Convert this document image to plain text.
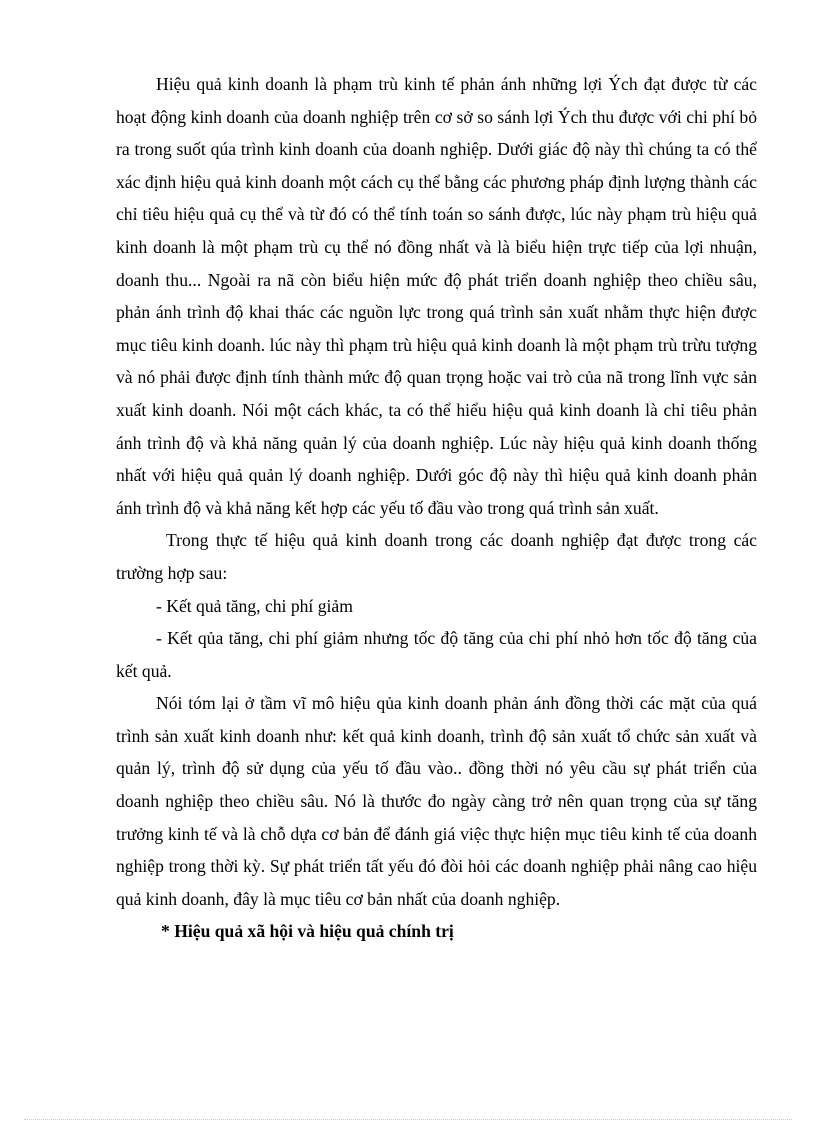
Hiệu quả kinh doanh là phạm trù kinh tế phản ánh những lợi Ých đạt được từ các hoạt động kinh doanh của doanh nghiệp trên cơ sở so sánh lợi Ých thu được với chi phí bỏ ra trong suốt qúa trình kinh doanh của doanh nghiệp. Dưới giác độ này thì chúng ta có thể xác định hiệu quả kinh doanh một cách cụ thể bằng các phương pháp định lượng thành các chỉ tiêu hiệu quả cụ thể và từ đó có thể tính toán so sánh được, lúc này phạm trù hiệu quả kinh doanh là một phạm trù cụ thể nó đồng nhất và là biểu hiện trực tiếp của lợi nhuận, doanh thu... Ngoài ra nã còn biểu hiện mức độ phát triển doanh nghiệp theo chiều sâu, phản ánh trình độ khai thác các nguồn lực trong quá trình sản xuất nhằm thực hiện được mục tiêu kinh doanh. lúc này thì phạm trù hiệu quả kinh doanh là một phạm trù trừu tượng và nó phải được định tính thành mức độ quan trọng hoặc vai trò của nã trong lĩnh vực sản xuất kinh doanh. Nói một cách khác, ta có thể hiểu hiệu quả kinh doanh là chỉ tiêu phản ánh trình độ và khả năng quản lý của doanh nghiệp. Lúc này hiệu quả kinh doanh thống nhất với hiệu quả quản lý doanh nghiệp. Dưới góc độ này thì hiệu quả kinh doanh phản ánh trình độ và khả năng kết hợp các yếu tố đầu vào trong quá trình sản xuất.

Trong thực tế hiệu quả kinh doanh trong các doanh nghiệp đạt được trong các trường hợp sau:

- Kết quả tăng, chi phí giảm

- Kết qủa tăng, chi phí giảm nhưng tốc độ tăng của chi phí nhỏ hơn tốc độ tăng của kết quả.

Nói tóm lại ở tầm vĩ mô hiệu qủa kinh doanh phản ánh đồng thời các mặt của quá trình sản xuất kinh doanh như: kết quả kinh doanh, trình độ sản xuất tổ chức sản xuất và quản lý, trình độ sử dụng của yếu tố đầu vào.. đồng thời nó yêu cầu sự phát triển của doanh nghiệp theo chiều sâu. Nó là thước đo ngày càng trở nên quan trọng của sự tăng trưởng kinh tế và là chỗ dựa cơ bản để đánh giá việc thực hiện mục tiêu kinh tế của doanh nghiệp trong thời kỳ. Sự phát triển tất yếu đó đòi hỏi các doanh nghiệp phải nâng cao hiệu quả kinh doanh, đây là mục tiêu cơ bản nhất của doanh nghiệp.

* Hiệu quả xã hội và hiệu quả chính trị
